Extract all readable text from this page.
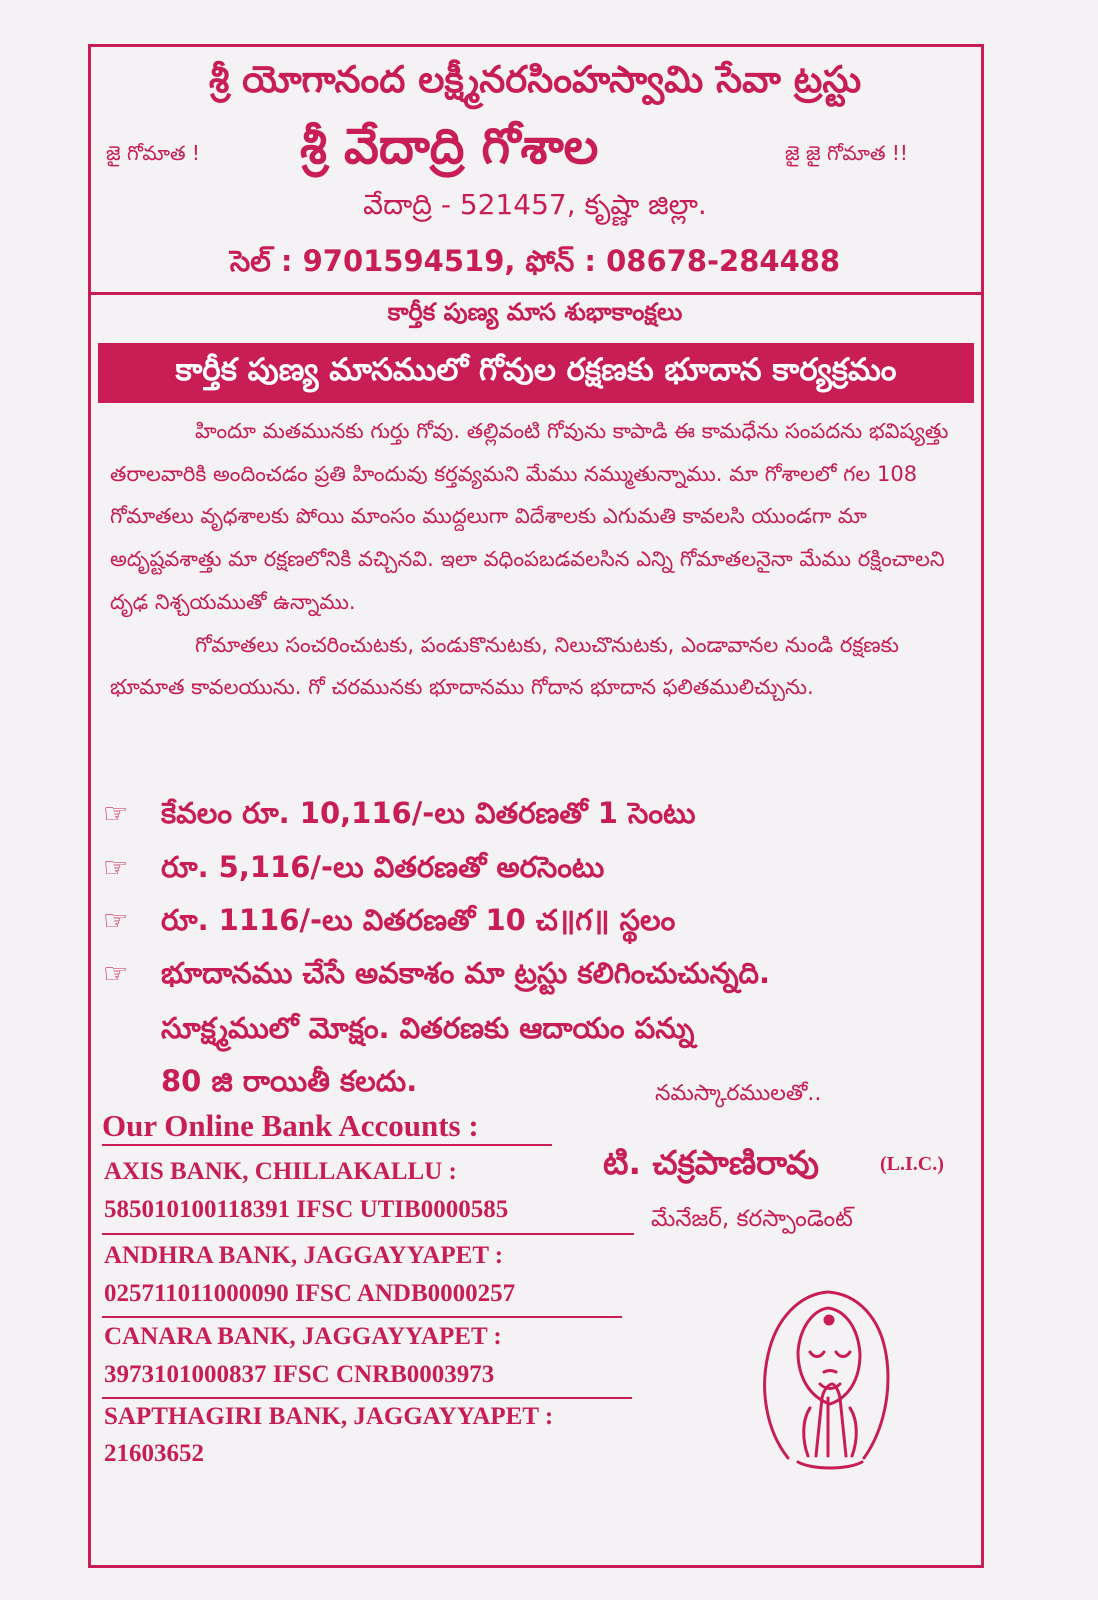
శ్రీ యోగానంద లక్ష్మీనరసింహస్వామి సేవా ట్రస్టు
జై గోమాత ! శ్రీ వేదాద్రి గోశాల	జై జై గోమాత !!
వేదాద్రి - 521457, కృష్ణా జిల్లా.
సెల్ : 9701594519, ఫోన్ : 08678-284488
కార్తీక పుణ్య మాస శుభాకాంక్షలు
కార్తీక పుణ్య మాసములో గోవుల రక్షణకు భూదాన కార్యక్రమం

హిందూ మతమునకు గుర్తు గోవు. తల్లివంటి గోవును కాపాడి ఈ కామధేను సంపదను భవిష్యత్తు తరాలవారికి అందించడం ప్రతి హిందువు కర్తవ్యమని మేము నమ్ముతున్నాము. మా గోశాలలో గల 108 గోమాతలు వృధశాలకు పోయి మాంసం ముద్దలుగా విదేశాలకు ఎగుమతి కావలసి యుండగా మా అదృష్టవశాత్తు మా రక్షణలోనికి వచ్చినవి. ఇలా వధింపబడవలసిన ఎన్ని గోమాతలనైనా మేము రక్షించాలని దృఢ నిశ్చయముతో ఉన్నాము.

గోమాతలు సంచరించుటకు, పండుకొనుటకు, నిలుచొనుటకు, ఎండావానల నుండి రక్షణకు భూమాత కావలయును. గో చరమునకు భూదానము గోదాన భూదాన ఫలితములిచ్చును.

☞ కేవలం రూ. 10,116/-లు వితరణతో 1 సెంటు
☞ రూ. 5,116/-లు వితరణతో అరసెంటు
☞ రూ. 1116/-లు వితరణతో 10 చ॥గ॥ స్థలం
☞ భూదానము చేసే అవకాశం మా ట్రస్టు కలిగించుచున్నది.
సూక్ష్మములో మోక్షం. వితరణకు ఆదాయం పన్ను
80 జి రాయితీ కలదు.	నమస్కారములతో..
టి. చక్రపాణిరావు	(L.I.C.)
మేనేజర్, కరస్పాండెంట్
Our Online Bank Accounts :
AXIS BANK, CHILLAKALLU :
585010100118391 IFSC UTIB0000585
ANDHRA BANK, JAGGAYYAPET :
025711011000090 IFSC ANDB0000257
CANARA BANK, JAGGAYYAPET :
3973101000837 IFSC CNRB0003973
SAPTHAGIRI BANK, JAGGAYYAPET :
21603652
